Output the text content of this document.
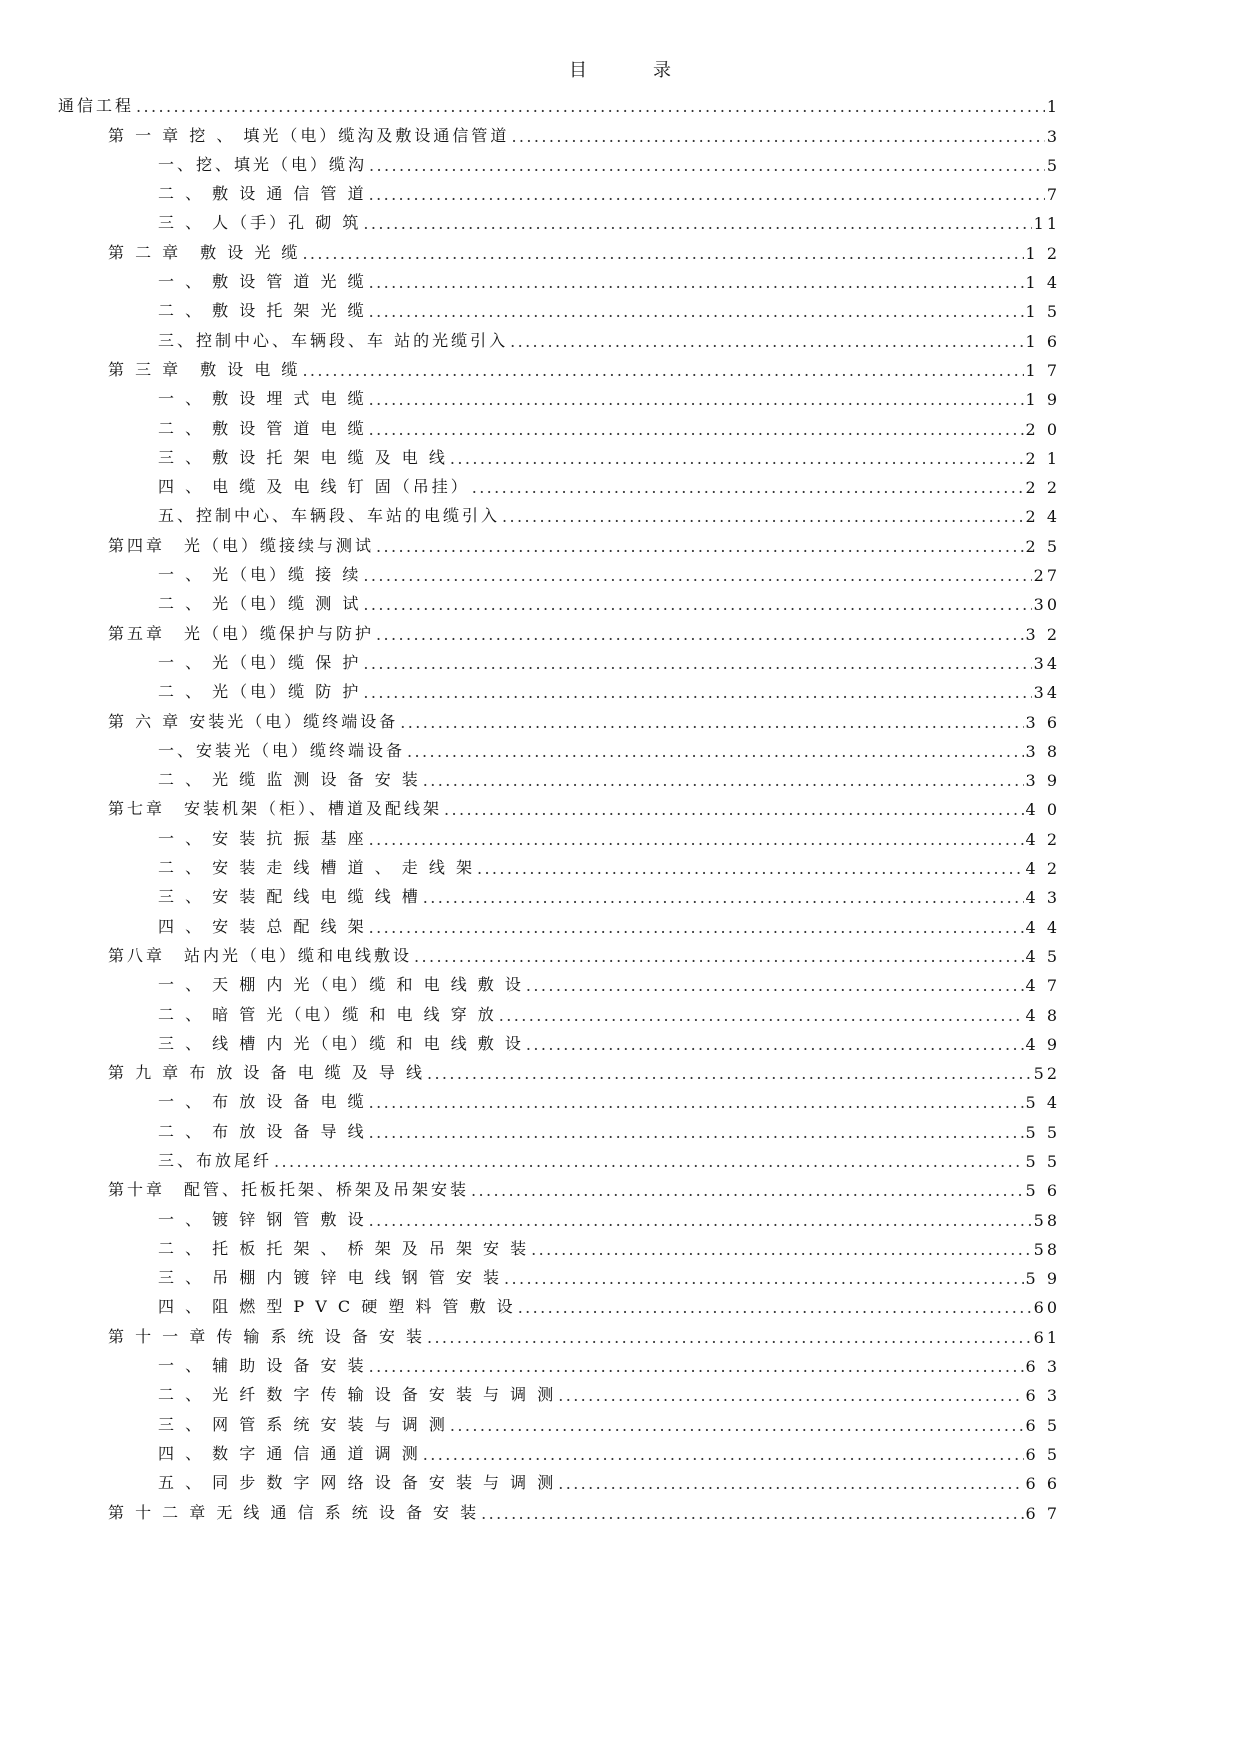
目　录
通信工程 .....	1
第 一 章 挖 、 填光（电）缆沟及敷设通信管道 .....	3
一、挖、填光（电）缆沟 .....	5
二 、 敷 设 通 信 管 道 .....	7
三 、 人（手）孔 砌 筑 .....	11
第 二 章　敷 设 光 缆 .....	1 2
一 、 敷 设 管 道 光 缆 .....	1 4
二 、 敷 设 托 架 光 缆 .....	1 5
三、控制中心、车辆段、车 站的光缆引入 .....	1 6
第 三 章　敷 设 电 缆 .....	1 7
一 、 敷 设 埋 式 电 缆 .....	1 9
二 、 敷 设 管 道 电 缆 .....	2 0
三 、 敷 设 托 架 电 缆 及 电 线 .....	2 1
四 、 电 缆 及 电 线 钉 固（吊挂） .....	2 2
五、控制中心、车辆段、车站的电缆引入 .....	2 4
第四章　光（电）缆接续与测试 .....	2 5
一 、 光（电）缆 接 续 .....	27
二 、 光（电）缆 测 试 .....	30
第五章　光（电）缆保护与防护 .....	3 2
一 、 光（电）缆 保 护 .....	34
二 、 光（电）缆 防 护 .....	34
第 六 章 安装光（电）缆终端设备 .....	3 6
一、安装光（电）缆终端设备 .....	3 8
二 、 光 缆 监 测 设 备 安 装 .....	3 9
第七章　安装机架（柜）、槽道及配线架 .....	4 0
一 、 安 装 抗 振 基 座 .....	4 2
二 、 安 装 走 线 槽 道 、 走 线 架 .....	4 2
三 、 安 装 配 线 电 缆 线 槽 .....	4 3
四 、 安 装 总 配 线 架 .....	4 4
第八章　站内光（电）缆和电线敷设 .....	4 5
一 、 天 棚 内 光（电）缆 和 电 线 敷 设 .....	4 7
二 、 暗 管 光（电）缆 和 电 线 穿 放 .....	4 8
三 、 线 槽 内 光（电）缆 和 电 线 敷 设 .....	4 9
第 九 章 布 放 设 备 电 缆 及 导 线 .....	52
一 、 布 放 设 备 电 缆 .....	5 4
二 、 布 放 设 备 导 线 .....	5 5
三、布放尾纤 .....	5 5
第十章　配管、托板托架、桥架及吊架安装 .....	5 6
一 、 镀 锌 钢 管 敷 设 .....	58
二 、 托 板 托 架 、 桥 架 及 吊 架 安 装 .....	58
三 、 吊 棚 内 镀 锌 电 线 钢 管 安 装 .....	5 9
四 、 阻 燃 型 P V C 硬 塑 料 管 敷 设 .....	60
第 十 一 章 传 输 系 统 设 备 安 装 .....	61
一 、 辅 助 设 备 安 装 .....	6 3
二 、 光 纤 数 字 传 输 设 备 安 装 与 调 测 .....	6 3
三 、 网 管 系 统 安 装 与 调 测 .....	6 5
四 、 数 字 通 信 通 道 调 测 .....	6 5
五 、 同 步 数 字 网 络 设 备 安 装 与 调 测 .....	6 6
第 十 二 章 无 线 通 信 系 统 设 备 安 装 .....	6 7
